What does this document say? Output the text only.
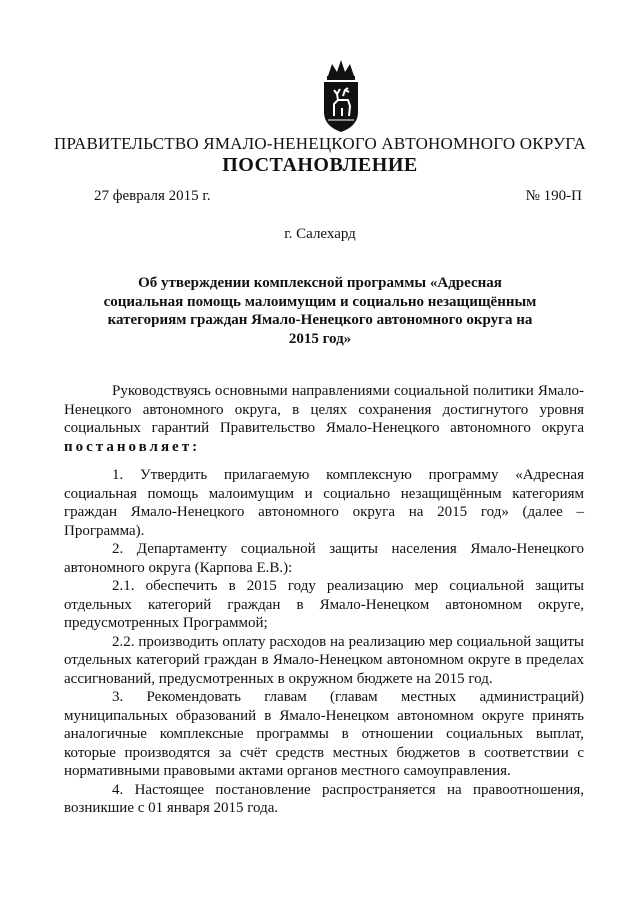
ПРАВИТЕЛЬСТВО ЯМАЛО-НЕНЕЦКОГО АВТОНОМНОГО ОКРУГА
ПОСТАНОВЛЕНИЕ
27 февраля 2015 г.	№ 190-П
г. Салехард
Об утверждении комплексной программы «Адресная социальная помощь малоимущим и социально незащищённым категориям граждан Ямало-Ненецкого автономного округа на 2015 год»

Руководствуясь основными направлениями социальной политики Ямало-Ненецкого автономного округа, в целях сохранения достигнутого уровня социальных гарантий Правительство Ямало-Ненецкого автономного округа постановляет:

1. Утвердить прилагаемую комплексную программу «Адресная социальная помощь малоимущим и социально незащищённым категориям граждан Ямало-Ненецкого автономного округа на 2015 год» (далее – Программа).

2. Департаменту социальной защиты населения Ямало-Ненецкого автономного округа (Карпова Е.В.):

2.1. обеспечить в 2015 году реализацию мер социальной защиты отдельных категорий граждан в Ямало-Ненецком автономном округе, предусмотренных Программой;

2.2. производить оплату расходов на реализацию мер социальной защиты отдельных категорий граждан в Ямало-Ненецком автономном округе в пределах ассигнований, предусмотренных в окружном бюджете на 2015 год.

3. Рекомендовать главам (главам местных администраций) муниципальных образований в Ямало-Ненецком автономном округе принять аналогичные комплексные программы в отношении социальных выплат, которые производятся за счёт средств местных бюджетов в соответствии с нормативными правовыми актами органов местного самоуправления.

4. Настоящее постановление распространяется на правоотношения, возникшие с 01 января 2015 года.
